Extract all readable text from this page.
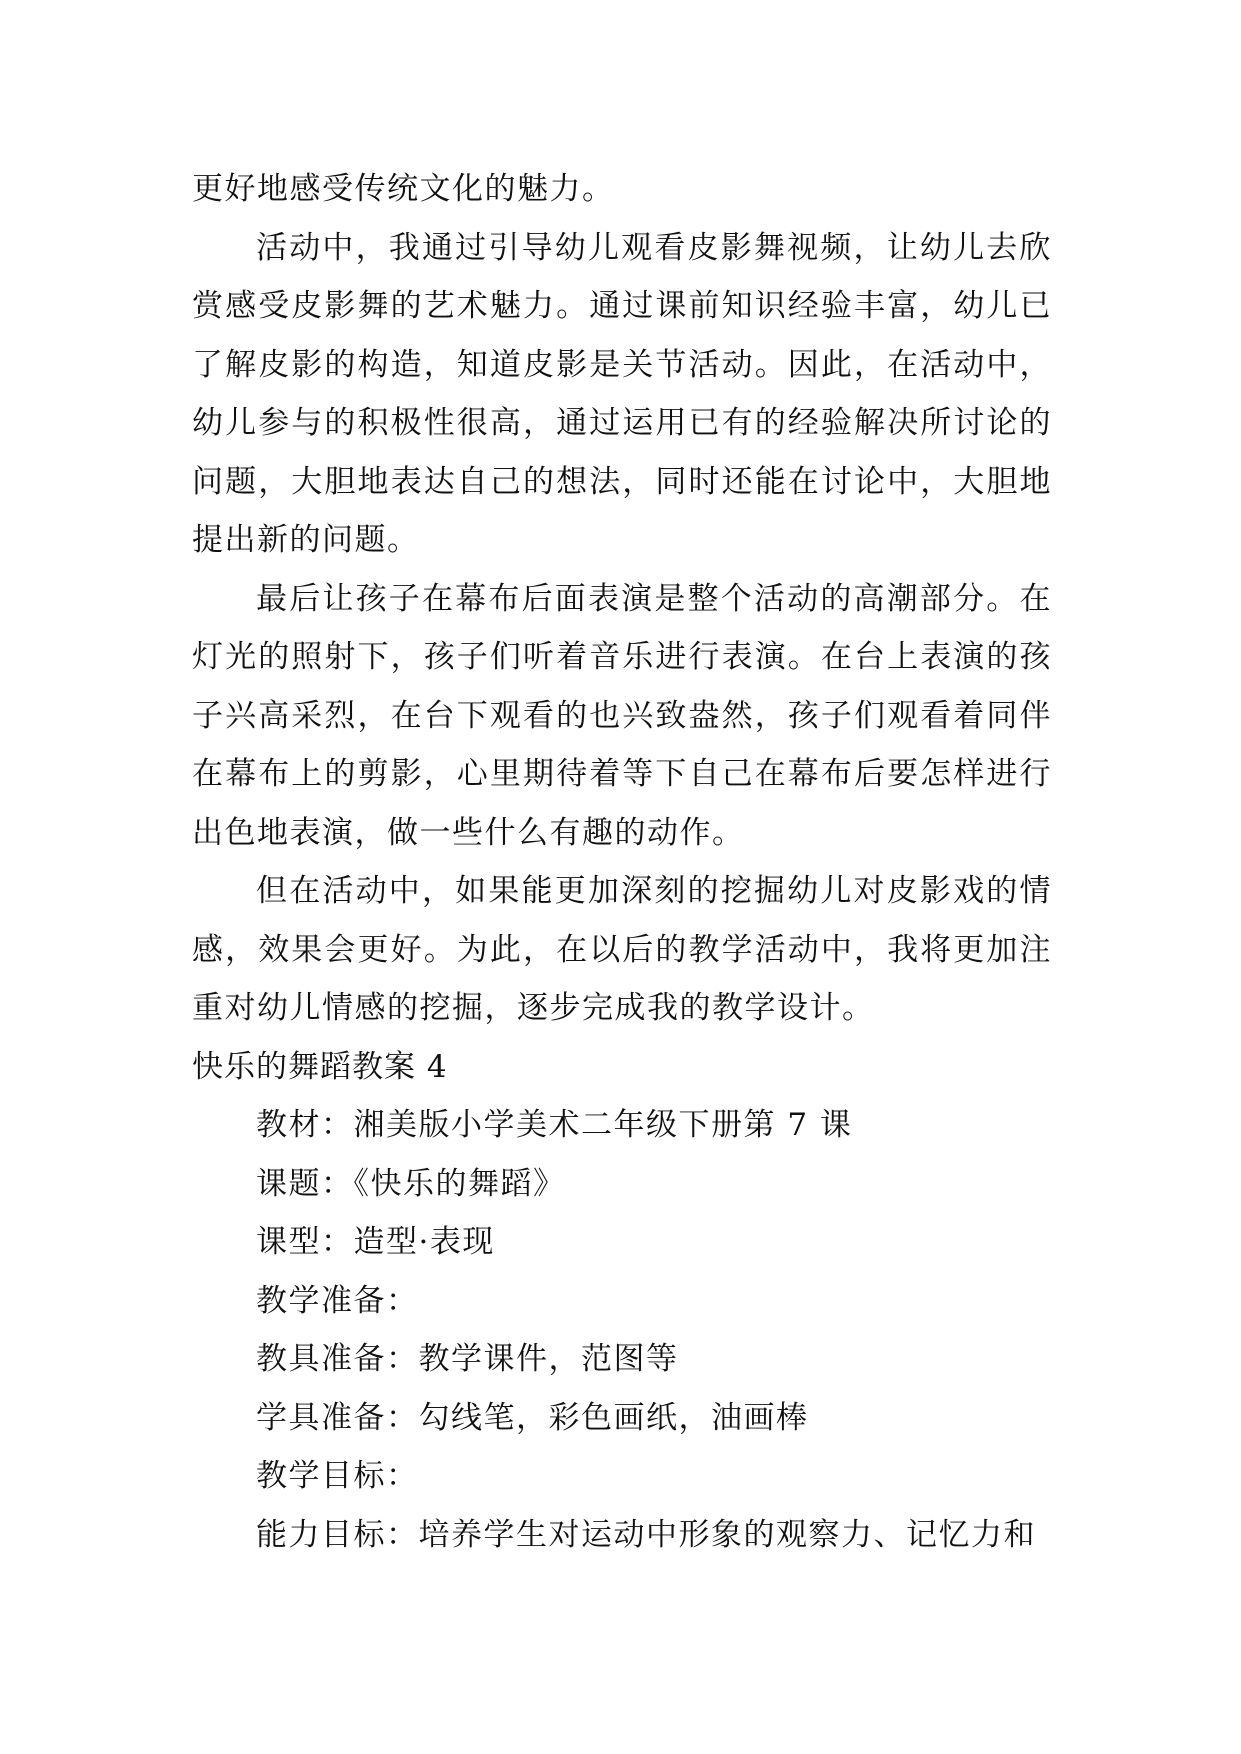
更好地感受传统文化的魅力。

活动中，我通过引导幼儿观看皮影舞视频，让幼儿去欣赏感受皮影舞的艺术魅力。通过课前知识经验丰富，幼儿已了解皮影的构造，知道皮影是关节活动。因此，在活动中，幼儿参与的积极性很高，通过运用已有的经验解决所讨论的问题，大胆地表达自己的想法，同时还能在讨论中，大胆地提出新的问题。

最后让孩子在幕布后面表演是整个活动的高潮部分。在灯光的照射下，孩子们听着音乐进行表演。在台上表演的孩子兴高采烈，在台下观看的也兴致盎然，孩子们观看着同伴在幕布上的剪影，心里期待着等下自己在幕布后要怎样进行出色地表演，做一些什么有趣的动作。

但在活动中，如果能更加深刻的挖掘幼儿对皮影戏的情感，效果会更好。为此，在以后的教学活动中，我将更加注重对幼儿情感的挖掘，逐步完成我的教学设计。

快乐的舞蹈教案 4

教材：湘美版小学美术二年级下册第 7 课

课题：《快乐的舞蹈》

课型：造型·表现

教学准备：

教具准备：教学课件，范图等

学具准备：勾线笔，彩色画纸，油画棒

教学目标：

能力目标：培养学生对运动中形象的观察力、记忆力和
